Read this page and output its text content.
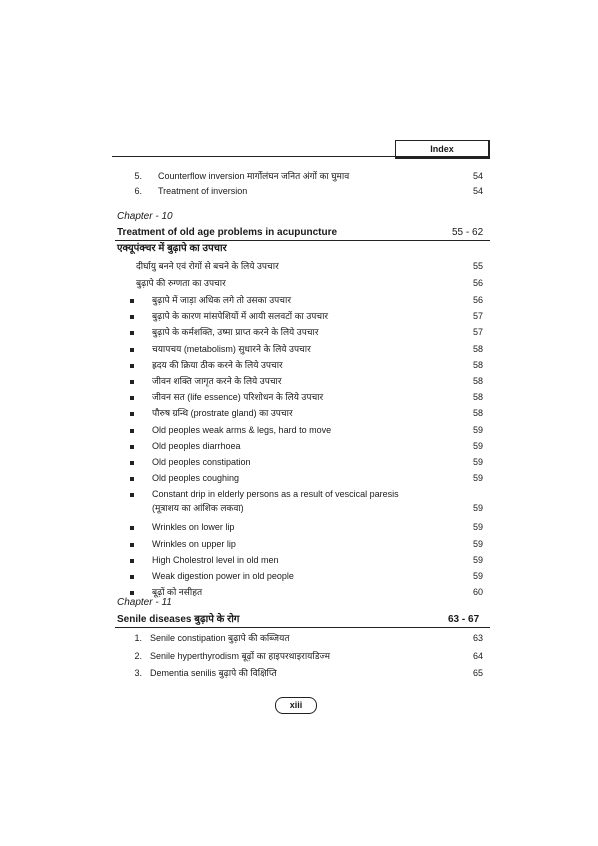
Index
5. Counterflow inversion मार्गोलंघन जनित अंगों का घुमाव	54
6. Treatment of inversion	54
Chapter - 10
Treatment of old age problems in acupuncture	55 - 62
एक्यूपंक्चर में बुढ़ापे का उपचार
दीर्घायु बनने एवं रोगों से बचने के लिये उपचार	55
बुढ़ापे की रुग्णता का उपचार	56
बुढ़ापे में जाड़ा अधिक लगे तो उसका उपचार	56
बुढ़ापे के कारण मांसपेशियों में आयी सलवटों का उपचार	57
बुढ़ापे के कर्मशक्ति, उष्मा प्राप्त करने के लिये उपचार	57
चयापचय (metabolism) सुधारने के लिये उपचार	58
ह्रदय की क्रिया ठीक करने के लिये उपचार	58
जीवन शक्ति जागृत करने के लिये उपचार	58
जीवन सत (life essence) परिशोधन के लिये उपचार	58
पौरुष ग्रन्थि (prostrate gland) का उपचार	58
Old peoples weak arms & legs, hard to move	59
Old peoples diarrhoea	59
Old peoples constipation	59
Old peoples coughing	59
Constant drip in elderly persons as a result of vescical paresis
(मूत्राशय का आंशिक लकवा)	59
Wrinkles on lower lip	59
Wrinkles on upper lip	59
High Cholestrol level in old men	59
Weak digestion power in old people	59
बूढ़ों को नसीहत	60
Chapter - 11
Senile diseases बुढ़ापे के रोग	63 - 67
1. Senile constipation बुढ़ापे की कब्जियत	63
2. Senile hyperthyrodism बूढ़ों का हाइपरथाइरायडिज्म	64
3. Dementia senilis बुढ़ापे की विक्षिप्ति	65
xiii
